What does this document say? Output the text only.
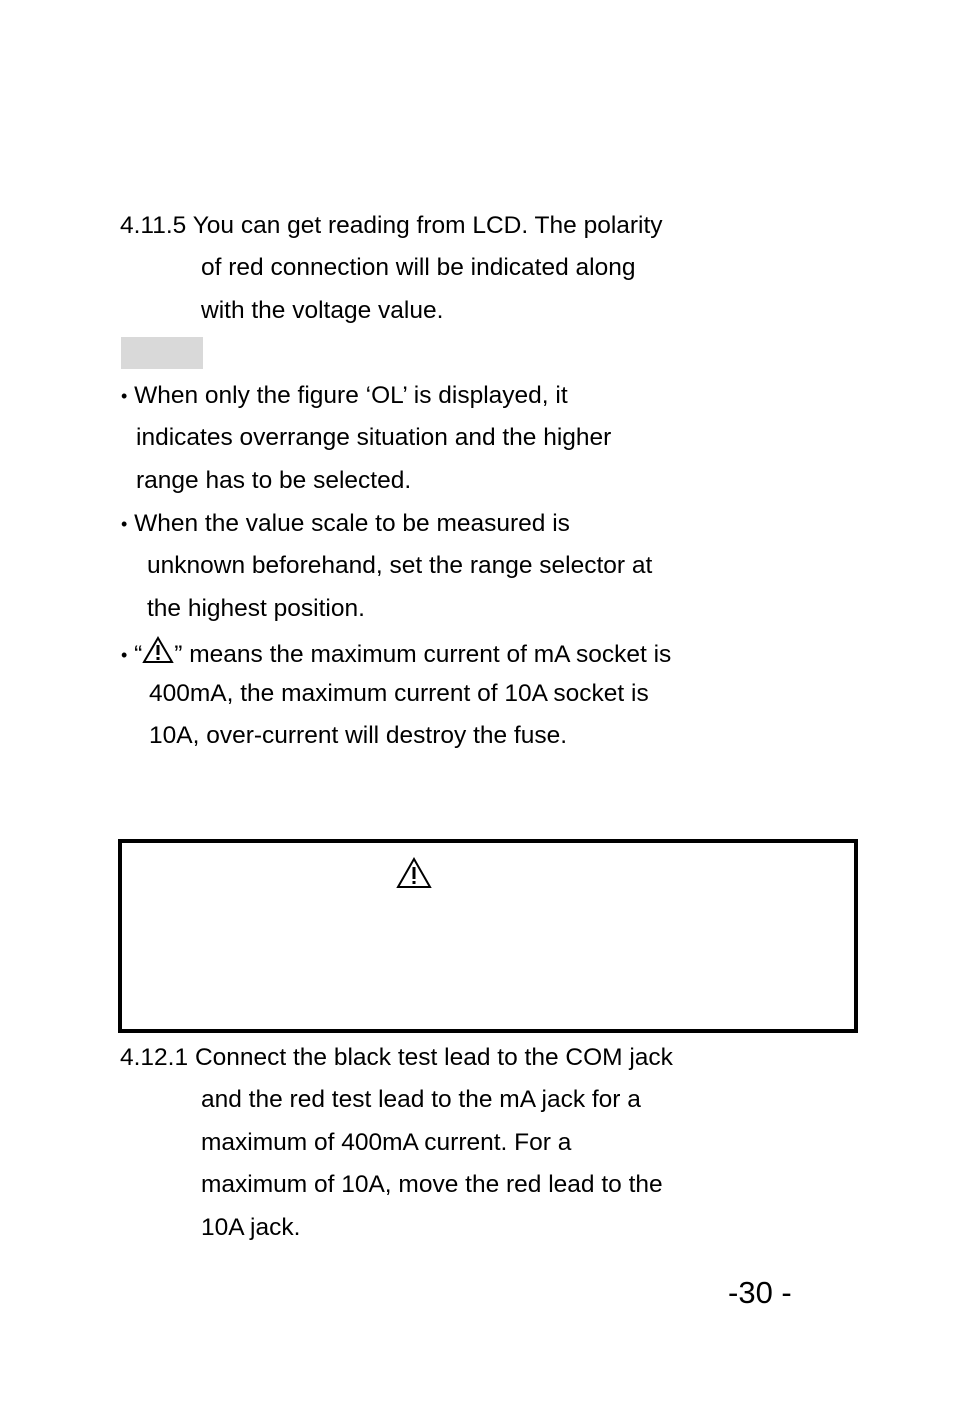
4.11.5 You can get reading from LCD. The polarity
of red connection will be indicated along
with the voltage value.
• When only the figure ‘OL’ is displayed, it
indicates overrange situation and the higher
range has to be selected.
• When the value scale to be measured is
unknown beforehand, set the range selector at
the highest position.
• “ ” means the maximum current of mA socket is
400mA, the maximum current of 10A socket is
10A, over-current will destroy the fuse.
4.12.1 Connect the black test lead to the COM jack
and the red test lead to the mA jack for a
maximum of 400mA current. For a
maximum of 10A, move the red lead to the
10A jack.
-30 -
